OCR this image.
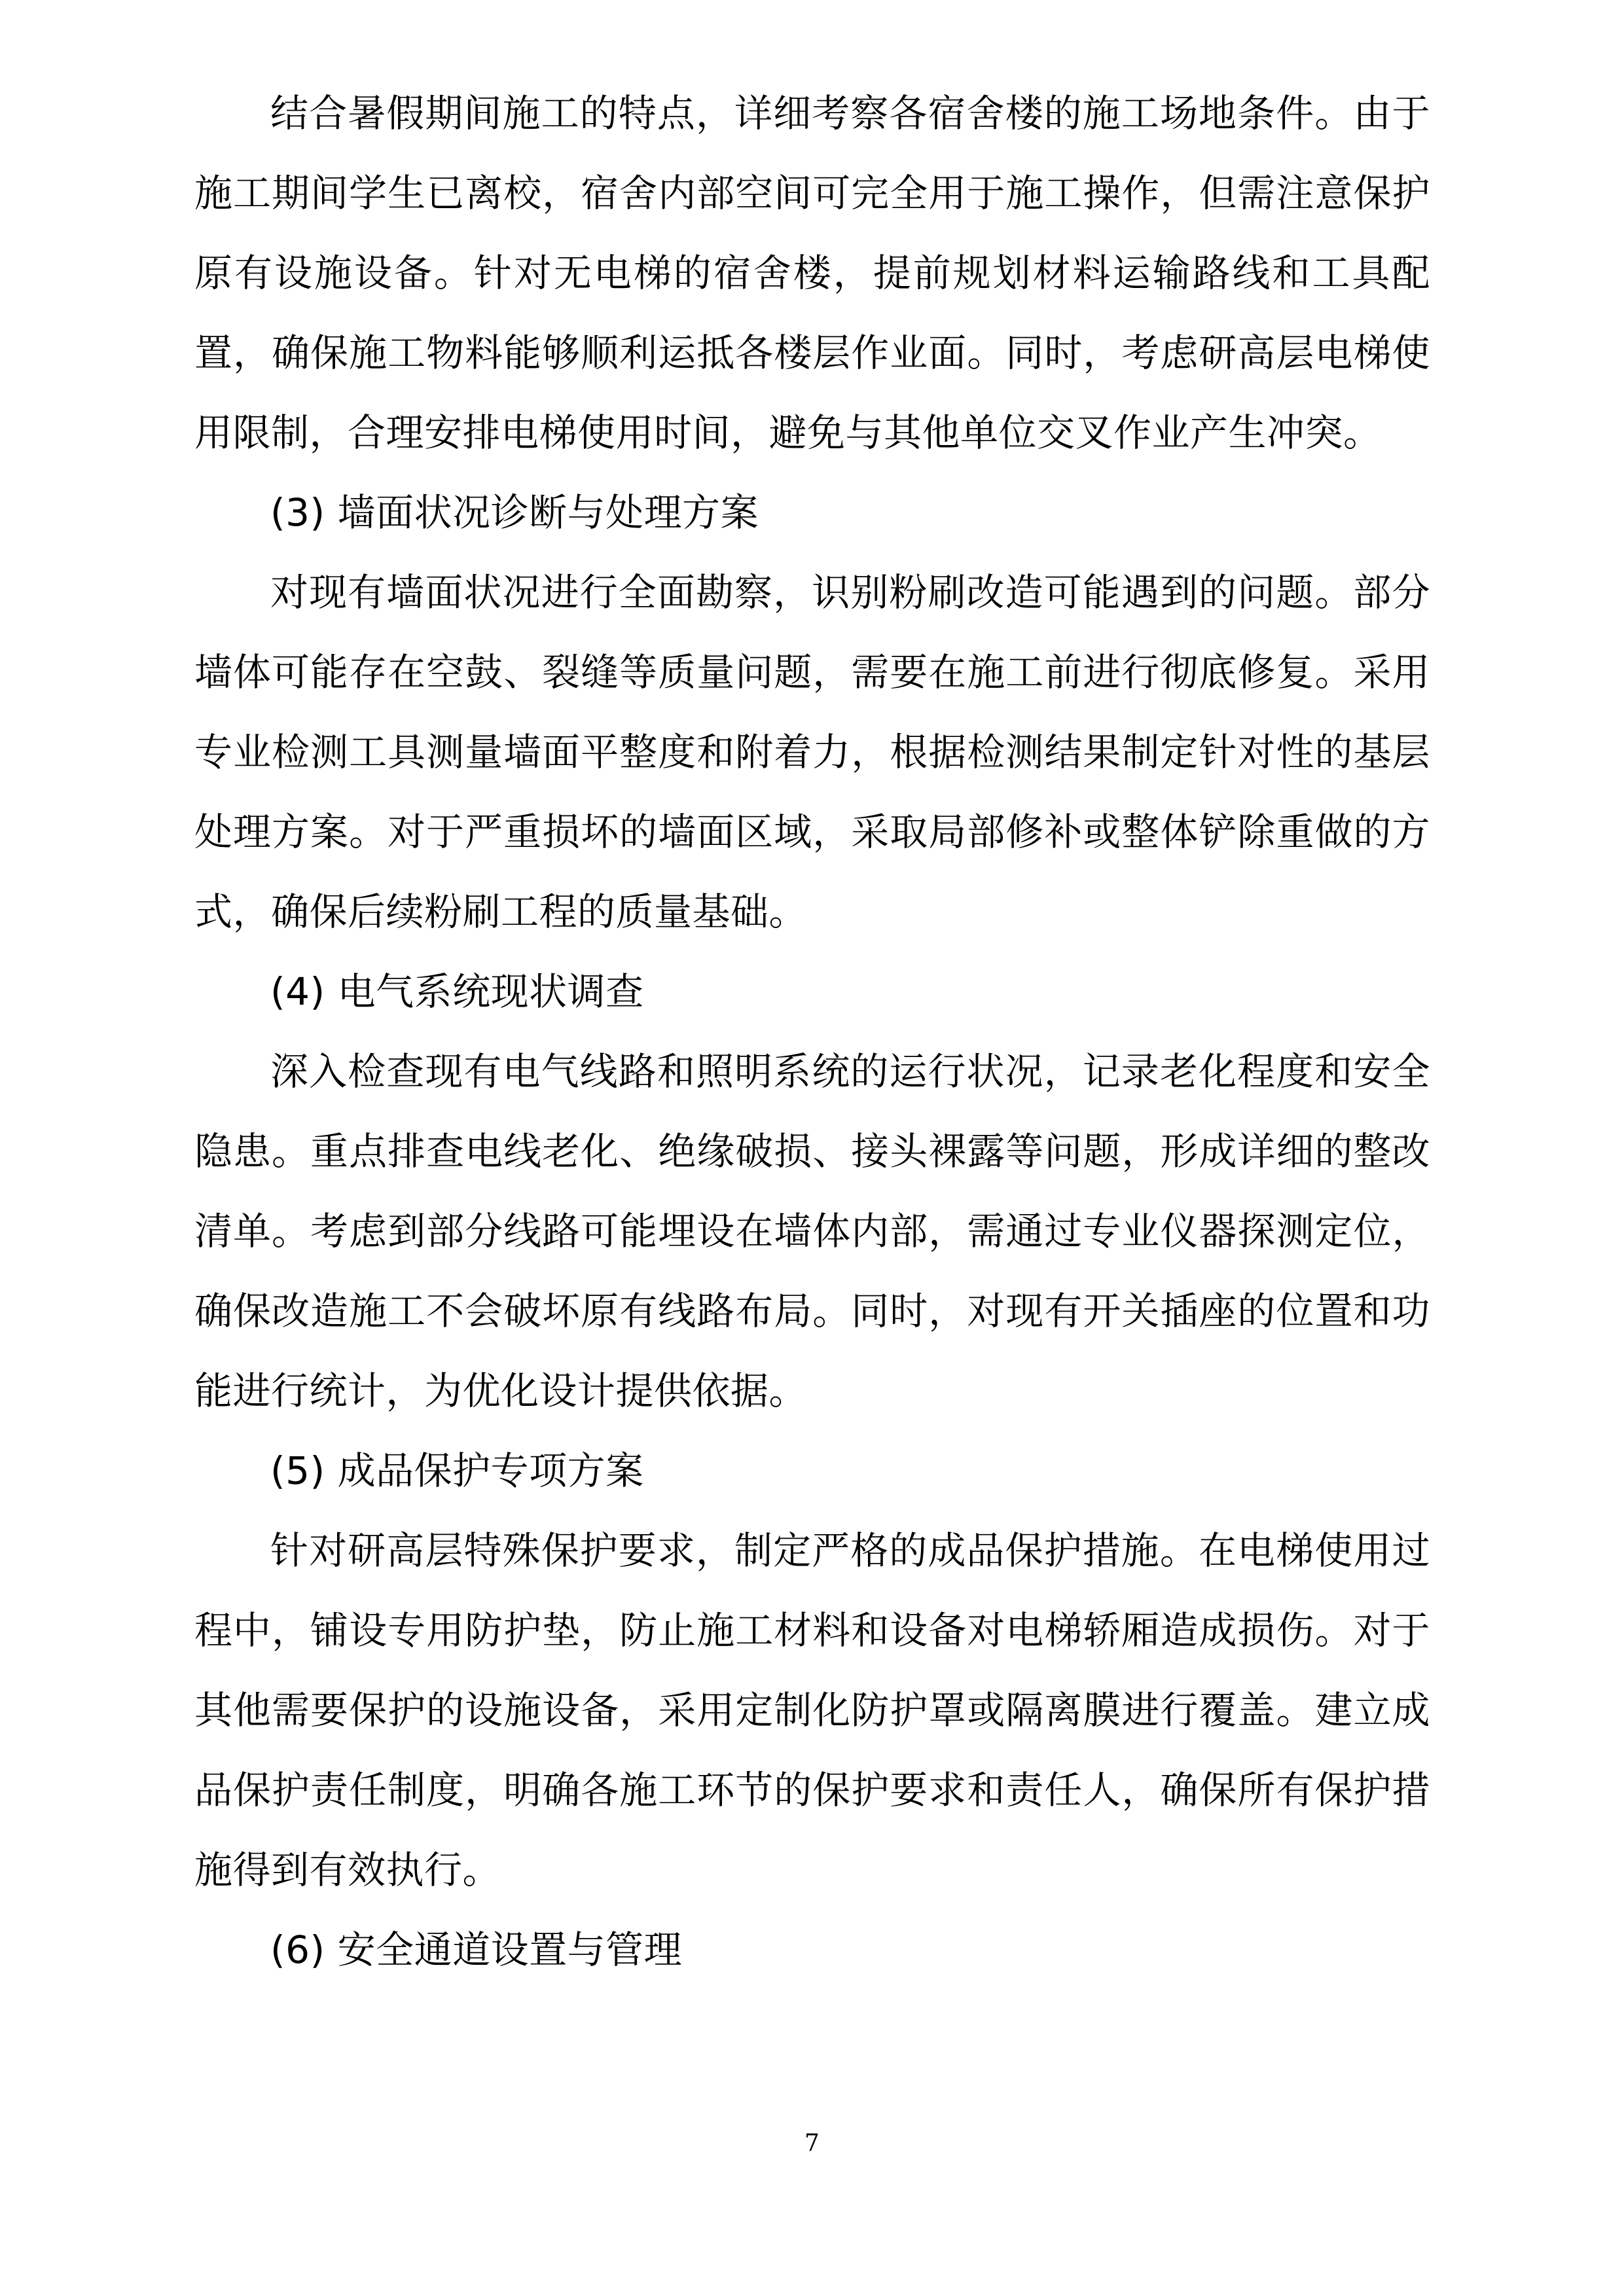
结合暑假期间施工的特点，详细考察各宿舍楼的施工场地条件。由于施工期间学生已离校，宿舍内部空间可完全用于施工操作，但需注意保护原有设施设备。针对无电梯的宿舍楼，提前规划材料运输路线和工具配置，确保施工物料能够顺利运抵各楼层作业面。同时，考虑研高层电梯使用限制，合理安排电梯使用时间，避免与其他单位交叉作业产生冲突。

(3) 墙面状况诊断与处理方案

对现有墙面状况进行全面勘察，识别粉刷改造可能遇到的问题。部分墙体可能存在空鼓、裂缝等质量问题，需要在施工前进行彻底修复。采用专业检测工具测量墙面平整度和附着力，根据检测结果制定针对性的基层处理方案。对于严重损坏的墙面区域，采取局部修补或整体铲除重做的方式，确保后续粉刷工程的质量基础。

(4) 电气系统现状调查

深入检查现有电气线路和照明系统的运行状况，记录老化程度和安全隐患。重点排查电线老化、绝缘破损、接头裸露等问题，形成详细的整改清单。考虑到部分线路可能埋设在墙体内部，需通过专业仪器探测定位，确保改造施工不会破坏原有线路布局。同时，对现有开关插座的位置和功能进行统计，为优化设计提供依据。

(5) 成品保护专项方案

针对研高层特殊保护要求，制定严格的成品保护措施。在电梯使用过程中，铺设专用防护垫，防止施工材料和设备对电梯轿厢造成损伤。对于其他需要保护的设施设备，采用定制化防护罩或隔离膜进行覆盖。建立成品保护责任制度，明确各施工环节的保护要求和责任人，确保所有保护措施得到有效执行。

(6) 安全通道设置与管理

7
